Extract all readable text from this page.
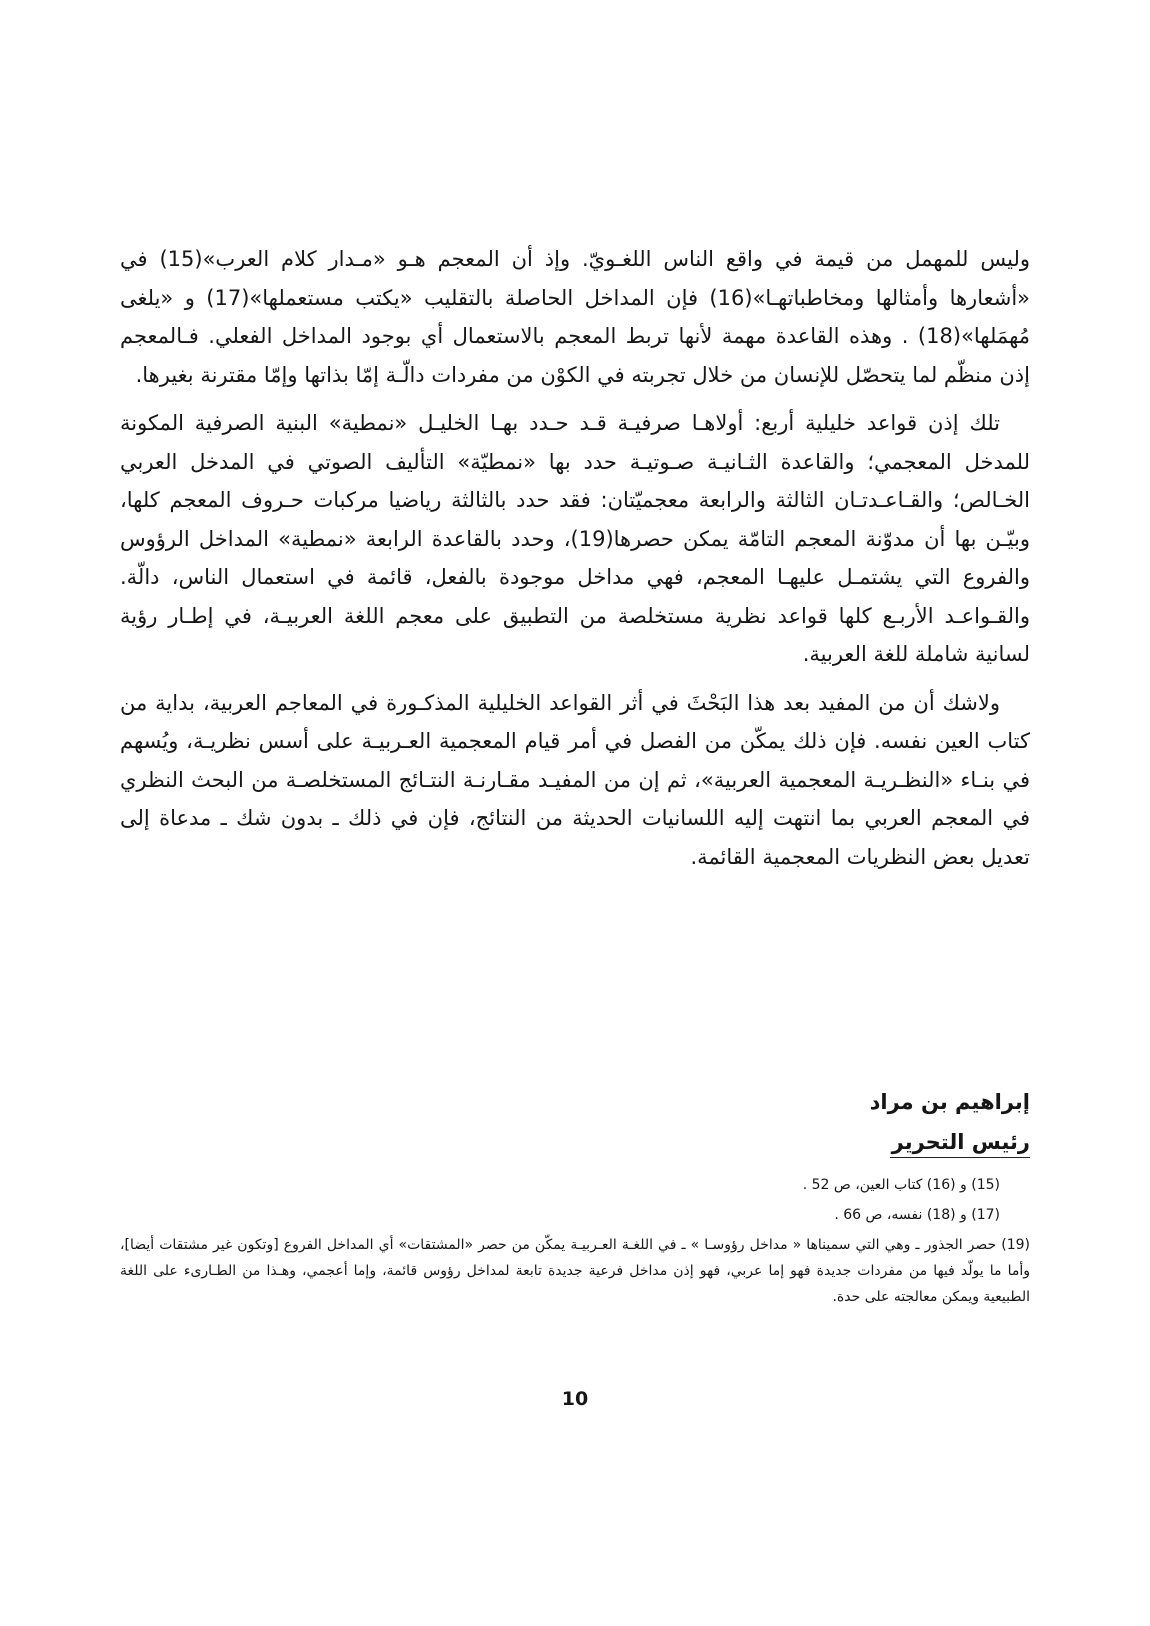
وليس للمهمل من قيمة في واقع الناس اللغـويّ. وإذ أن المعجم هـو «مـدار كلام العرب»(15) في «أشعارها وأمثالها ومخاطباتهـا»(16) فإن المداخل الحاصلة بالتقليب «يكتب مستعملها»(17) و «يلغى مُهمَلها»(18) . وهذه القاعدة مهمة لأنها تربط المعجم بالاستعمال أي بوجود المداخل الفعلي. فـالمعجم إذن منظّم لما يتحصّل للإنسان من خلال تجربته في الكوْن من مفردات دالّـة إمّا بذاتها وإمّا مقترنة بغيرها.

تلك إذن قواعد خليلية أربع: أولاهـا صرفيـة قـد حـدد بهـا الخليـل «نمطية» البنية الصرفية المكونة للمدخل المعجمي؛ والقاعدة الثـانيـة صـوتيـة حدد بها «نمطيّة» التأليف الصوتي في المدخل العربي الخـالص؛ والقـاعـدتـان الثالثة والرابعة معجميّتان: فقد حدد بالثالثة رياضيا مركبات حـروف المعجم كلها، وبيّـن بها أن مدوّنة المعجم التامّة يمكن حصرها(19)، وحدد بالقاعدة الرابعة «نمطية» المداخل الرؤوس والفروع التي يشتمـل عليهـا المعجم، فهي مداخل موجودة بالفعل، قائمة في استعمال الناس، دالّة. والقـواعـد الأربـع كلها قواعد نظرية مستخلصة من التطبيق على معجم اللغة العربيـة، في إطـار رؤية لسانية شاملة للغة العربية.

ولاشك أن من المفيد بعد هذا البَحْثَ في أثر القواعد الخليلية المذكـورة في المعاجم العربية، بداية من كتاب العين نفسه. فإن ذلك يمكّن من الفصل في أمر قيام المعجمية العـربيـة على أسس نظريـة، ويُسهم في بنـاء «النظـريـة المعجمية العربية»، ثم إن من المفيـد مقـارنـة النتـائج المستخلصـة من البحث النظري في المعجم العربي بما انتهت إليه اللسانيات الحديثة من النتائج، فإن في ذلك ـ بدون شك ـ مدعاة إلى تعديل بعض النظريات المعجمية القائمة.

إبراهيم بن مراد
رئيس التحرير

(15) و (16) كتاب العين، ص 52 .

(17) و (18) نفسه، ص 66 .

(19) حصر الجذور ـ وهي التي سميناها « مداخل رؤوسـا » ـ في اللغـة العـربيـة يمكّن من حصر «المشتقات» أي المداخل الفروع [وتكون غير مشتقات أيضا]، وأما ما يولّد فيها من مفردات جديدة فهو إما عربي، فهو إذن مداخل فرعية جديدة تابعة لمداخل رؤوس قائمة، وإما أعجمي، وهـذا من الطـارىء على اللغة الطبيعية ويمكن معالجته على حدة.

10
